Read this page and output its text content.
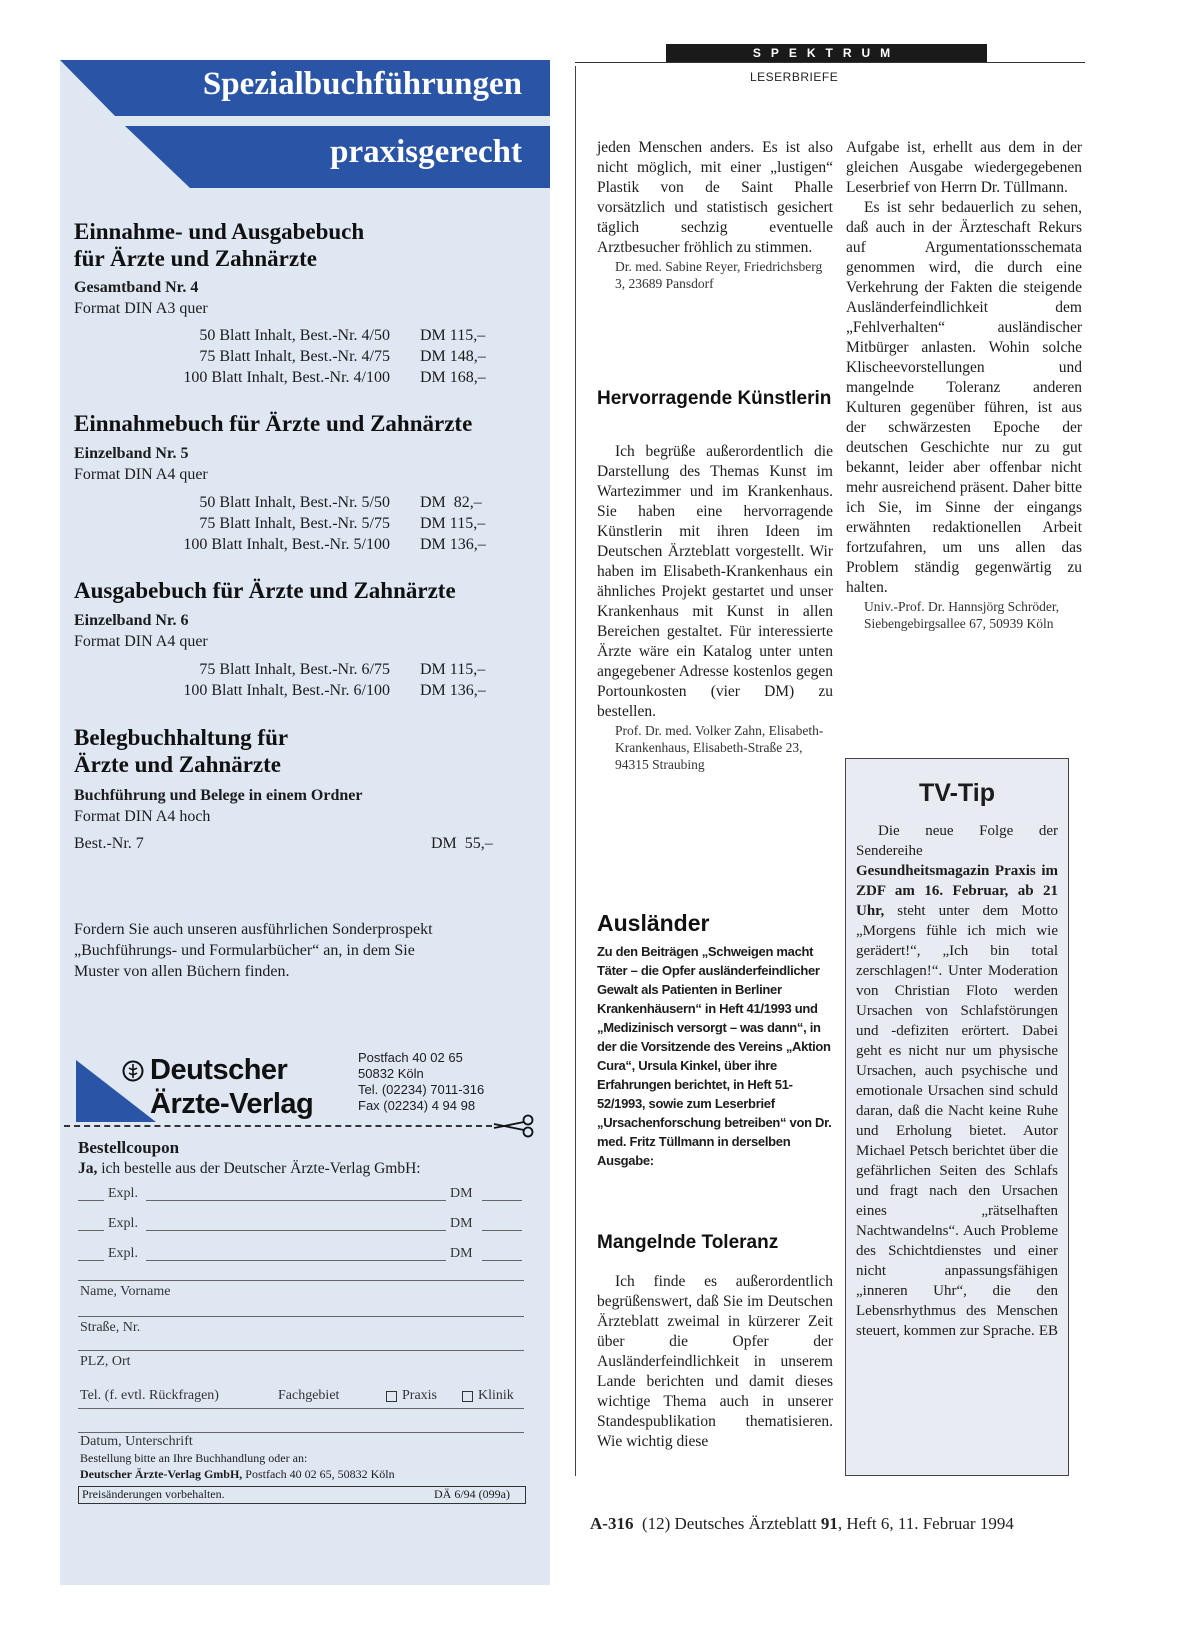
Spezialbuchführungen
praxisgerecht
Einnahme- und Ausgabebuch
für Ärzte und Zahnärzte
Gesamtband Nr. 4
Format DIN A3 quer
50 Blatt Inhalt, Best.-Nr. 4/50 DM 115,–
75 Blatt Inhalt, Best.-Nr. 4/75 DM 148,–
100 Blatt Inhalt, Best.-Nr. 4/100 DM 168,–
Einnahmebuch für Ärzte und Zahnärzte
Einzelband Nr. 5
Format DIN A4 quer
50 Blatt Inhalt, Best.-Nr. 5/50 DM  82,–
75 Blatt Inhalt, Best.-Nr. 5/75 DM 115,–
100 Blatt Inhalt, Best.-Nr. 5/100 DM 136,–
Ausgabebuch für Ärzte und Zahnärzte
Einzelband Nr. 6
Format DIN A4 quer
75 Blatt Inhalt, Best.-Nr. 6/75 DM 115,–
100 Blatt Inhalt, Best.-Nr. 6/100 DM 136,–
Belegbuchhaltung für
Ärzte und Zahnärzte
Buchführung und Belege in einem Ordner
Format DIN A4 hoch
Best.-Nr. 7	DM  55,–
Fordern Sie auch unseren ausführlichen Sonderprospekt
„Buchführungs- und Formularbücher“ an, in dem Sie
Muster von allen Büchern finden.
Deutscher
Ärzte-Verlag
Postfach 40 02 65
50832 Köln
Tel. (02234) 7011-316
Fax (02234) 4 94 98
Bestellcoupon
Ja, ich bestelle aus der Deutscher Ärzte-Verlag GmbH:
Expl.	DM
Expl.	DM
Expl.	DM
Name, Vorname
Straße, Nr.
PLZ, Ort
Tel. (f. evtl. Rückfragen)	Fachgebiet	Praxis	Klinik
Datum, Unterschrift
Bestellung bitte an Ihre Buchhandlung oder an:
Deutscher Ärzte-Verlag GmbH, Postfach 40 02 65, 50832 Köln
Preisänderungen vorbehalten.	DÄ 6/94 (099a)
SPEKTRUM
LESERBRIEFE

jeden Menschen anders. Es ist also nicht möglich, mit einer „lustigen“ Plastik von de Saint Phalle vorsätzlich und statistisch gesichert täglich sechzig eventuelle Arztbesucher fröhlich zu stimmen.

Dr. med. Sabine Reyer, Friedrichsberg 3, 23689 Pansdorf

Hervorragende Künstlerin

Ich begrüße außerordentlich die Darstellung des Themas Kunst im Wartezimmer und im Krankenhaus. Sie haben eine hervorragende Künstlerin mit ihren Ideen im Deutschen Ärzteblatt vorgestellt. Wir haben im Elisabeth-Krankenhaus ein ähnliches Projekt gestartet und unser Krankenhaus mit Kunst in allen Bereichen gestaltet. Für interessierte Ärzte wäre ein Katalog unter unten angegebener Adresse kostenlos gegen Portounkosten (vier DM) zu bestellen.

Prof. Dr. med. Volker Zahn, Elisabeth-Krankenhaus, Elisabeth-Straße 23, 94315 Straubing

Ausländer
Zu den Beiträgen „Schweigen macht Täter – die Opfer ausländerfeindlicher Gewalt als Patienten in Berliner Krankenhäusern“ in Heft 41/1993 und „Medizinisch versorgt – was dann“, in der die Vorsitzende des Vereins „Aktion Cura“, Ursula Kinkel, über ihre Erfahrungen berichtet, in Heft 51-52/1993, sowie zum Leserbrief „Ursachenforschung betreiben“ von Dr. med. Fritz Tüllmann in derselben Ausgabe:
Mangelnde Toleranz

Ich finde es außerordentlich begrüßenswert, daß Sie im Deutschen Ärzteblatt zweimal in kürzerer Zeit über die Opfer der Ausländerfeindlichkeit in unserem Lande berichten und damit dieses wichtige Thema auch in unserer Standespublikation thematisieren. Wie wichtig diese

Aufgabe ist, erhellt aus dem in der gleichen Ausgabe wiedergegebenen Leserbrief von Herrn Dr. Tüllmann.

Es ist sehr bedauerlich zu sehen, daß auch in der Ärzteschaft Rekurs auf Argumentationsschemata genommen wird, die durch eine Verkehrung der Fakten die steigende Ausländerfeindlichkeit dem „Fehlverhalten“ ausländischer Mitbürger anlasten. Wohin solche Klischeevorstellungen und mangelnde Toleranz anderen Kulturen gegenüber führen, ist aus der schwärzesten Epoche der deutschen Geschichte nur zu gut bekannt, leider aber offenbar nicht mehr ausreichend präsent. Daher bitte ich Sie, im Sinne der eingangs erwähnten redaktionellen Arbeit fortzufahren, um uns allen das Problem ständig gegenwärtig zu halten.

Univ.-Prof. Dr. Hannsjörg Schröder, Siebengebirgsallee 67, 50939 Köln

TV-Tip
Die neue Folge der Sendereihe Gesundheitsmagazin Praxis im ZDF am 16. Februar, ab 21 Uhr, steht unter dem Motto „Morgens fühle ich mich wie gerädert!“, „Ich bin total zerschlagen!“. Unter Moderation von Christian Floto werden Ursachen von Schlafstörungen und -defiziten erörtert. Dabei geht es nicht nur um physische Ursachen, auch psychische und emotionale Ursachen sind schuld daran, daß die Nacht keine Ruhe und Erholung bietet. Autor Michael Petsch berichtet über die gefährlichen Seiten des Schlafs und fragt nach den Ursachen eines „rätselhaften Nachtwandelns“. Auch Probleme des Schichtdienstes und einer nicht anpassungsfähigen „inneren Uhr“, die den Lebensrhythmus des Menschen steuert, kommen zur Sprache. EB
A-316 (12) Deutsches Ärzteblatt 91, Heft 6, 11. Februar 1994
